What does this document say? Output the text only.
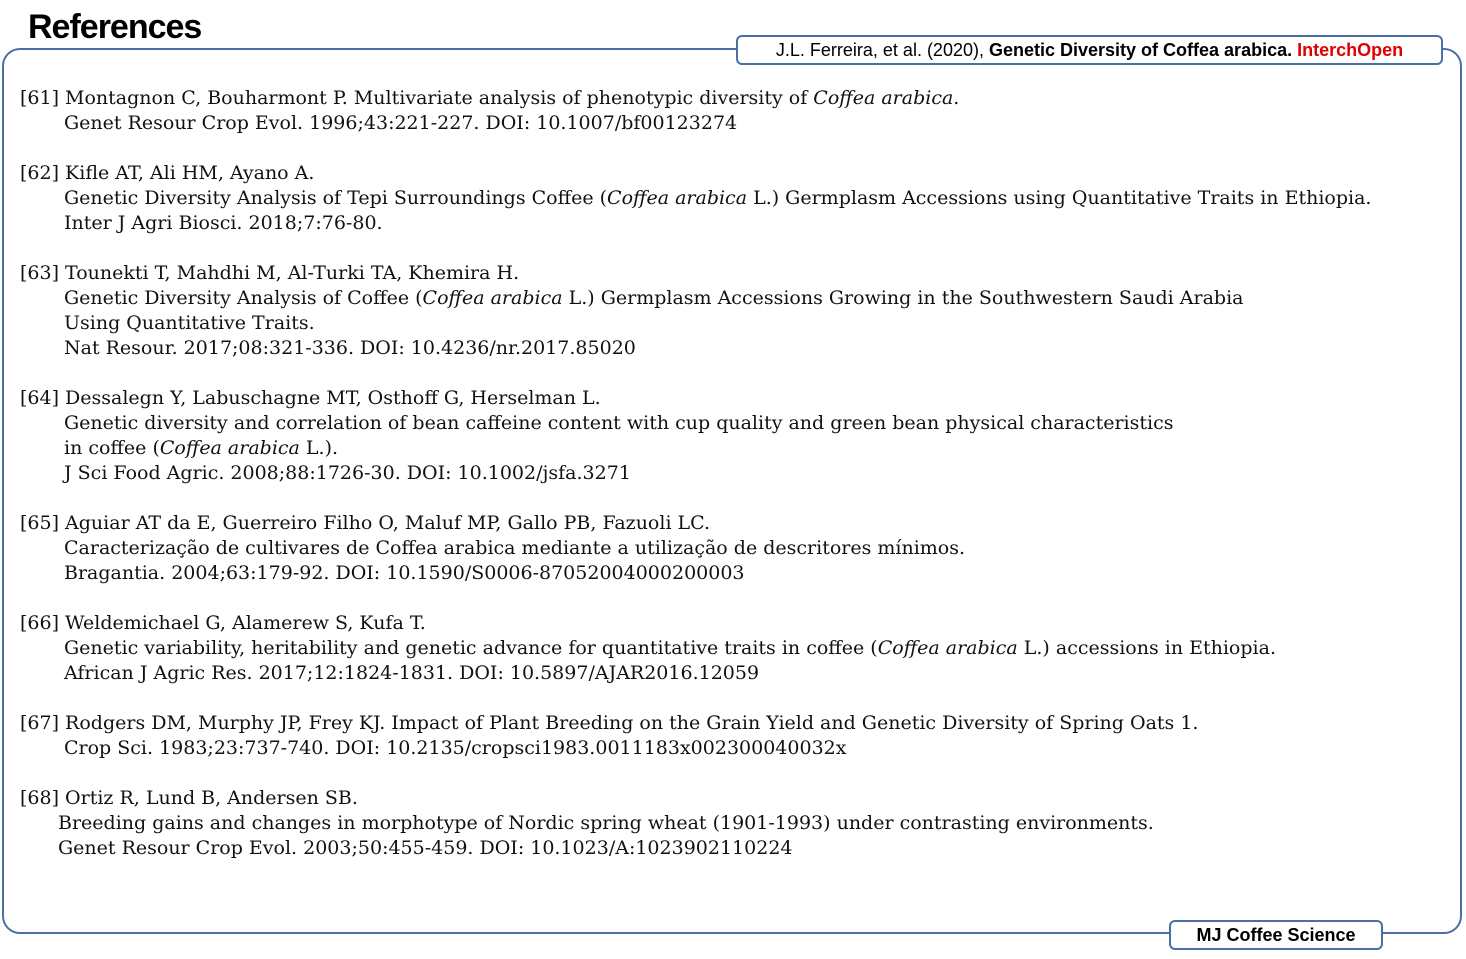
References
J.L. Ferreira, et al. (2020), Genetic Diversity of Coffea arabica. InterchOpen
[61] Montagnon C, Bouharmont P. Multivariate analysis of phenotypic diversity of Coffea arabica.
Genet Resour Crop Evol. 1996;43:221-227. DOI: 10.1007/bf00123274
[62] Kifle AT, Ali HM, Ayano A.
Genetic Diversity Analysis of Tepi Surroundings Coffee (Coffea arabica L.) Germplasm Accessions using Quantitative Traits in Ethiopia.
Inter J Agri Biosci. 2018;7:76-80.
[63] Tounekti T, Mahdhi M, Al-Turki TA, Khemira H.
Genetic Diversity Analysis of Coffee (Coffea arabica L.) Germplasm Accessions Growing in the Southwestern Saudi Arabia
Using Quantitative Traits.
Nat Resour. 2017;08:321-336. DOI: 10.4236/nr.2017.85020
[64] Dessalegn Y, Labuschagne MT, Osthoff G, Herselman L.
Genetic diversity and correlation of bean caffeine content with cup quality and green bean physical characteristics
in coffee (Coffea arabica L.).
J Sci Food Agric. 2008;88:1726-30. DOI: 10.1002/jsfa.3271
[65] Aguiar AT da E, Guerreiro Filho O, Maluf MP, Gallo PB, Fazuoli LC.
Caracterização de cultivares de Coffea arabica mediante a utilização de descritores mínimos.
Bragantia. 2004;63:179-92. DOI: 10.1590/S0006-87052004000200003
[66] Weldemichael G, Alamerew S, Kufa T.
Genetic variability, heritability and genetic advance for quantitative traits in coffee (Coffea arabica L.) accessions in Ethiopia.
African J Agric Res. 2017;12:1824-1831. DOI: 10.5897/AJAR2016.12059
[67] Rodgers DM, Murphy JP, Frey KJ. Impact of Plant Breeding on the Grain Yield and Genetic Diversity of Spring Oats 1.
Crop Sci. 1983;23:737-740. DOI: 10.2135/cropsci1983.0011183x002300040032x
[68] Ortiz R, Lund B, Andersen SB.
Breeding gains and changes in morphotype of Nordic spring wheat (1901-1993) under contrasting environments.
Genet Resour Crop Evol. 2003;50:455-459. DOI: 10.1023/A:1023902110224
MJ Coffee Science
